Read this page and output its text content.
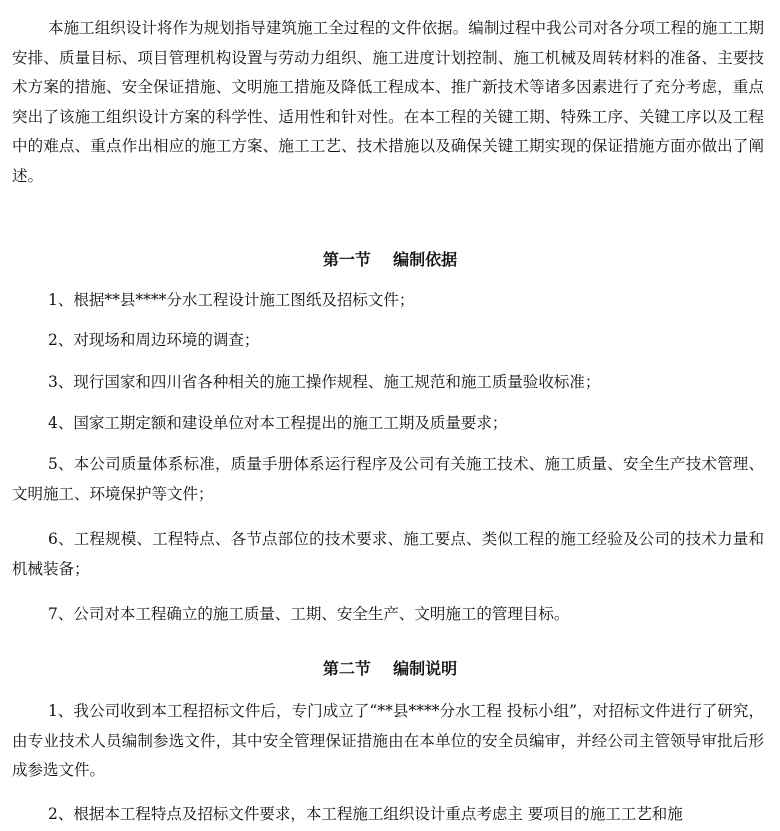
本施工组织设计将作为规划指导建筑施工全过程的文件依据。编制过程中我公司对各分项工程的施工工期安排、质量目标、项目管理机构设置与劳动力组织、施工进度计划控制、施工机械及周转材料的准备、主要技术方案的措施、安全保证措施、文明施工措施及降低工程成本、推广新技术等诸多因素进行了充分考虑，重点突出了该施工组织设计方案的科学性、适用性和针对性。在本工程的关键工期、特殊工序、关键工序以及工程中的难点、重点作出相应的施工方案、施工工艺、技术措施以及确保关键工期实现的保证措施方面亦做出了阐述。

第一节    编制依据

1、根据**县****分水工程设计施工图纸及招标文件；

2、对现场和周边环境的调查；

3、现行国家和四川省各种相关的施工操作规程、施工规范和施工质量验收标准；

4、国家工期定额和建设单位对本工程提出的施工工期及质量要求；

5、本公司质量体系标准，质量手册体系运行程序及公司有关施工技术、施工质量、安全生产技术管理、文明施工、环境保护等文件；

6、工程规模、工程特点、各节点部位的技术要求、施工要点、类似工程的施工经验及公司的技术力量和机械装备；

7、公司对本工程确立的施工质量、工期、安全生产、文明施工的管理目标。

第二节    编制说明

1、我公司收到本工程招标文件后，专门成立了“**县****分水工程 投标小组”，对招标文件进行了研究，由专业技术人员编制参选文件，其中安全管理保证措施由在本单位的安全员编审，并经公司主管领导审批后形成参选文件。

2、根据本工程特点及招标文件要求，本工程施工组织设计重点考虑主 要项目的施工工艺和施
